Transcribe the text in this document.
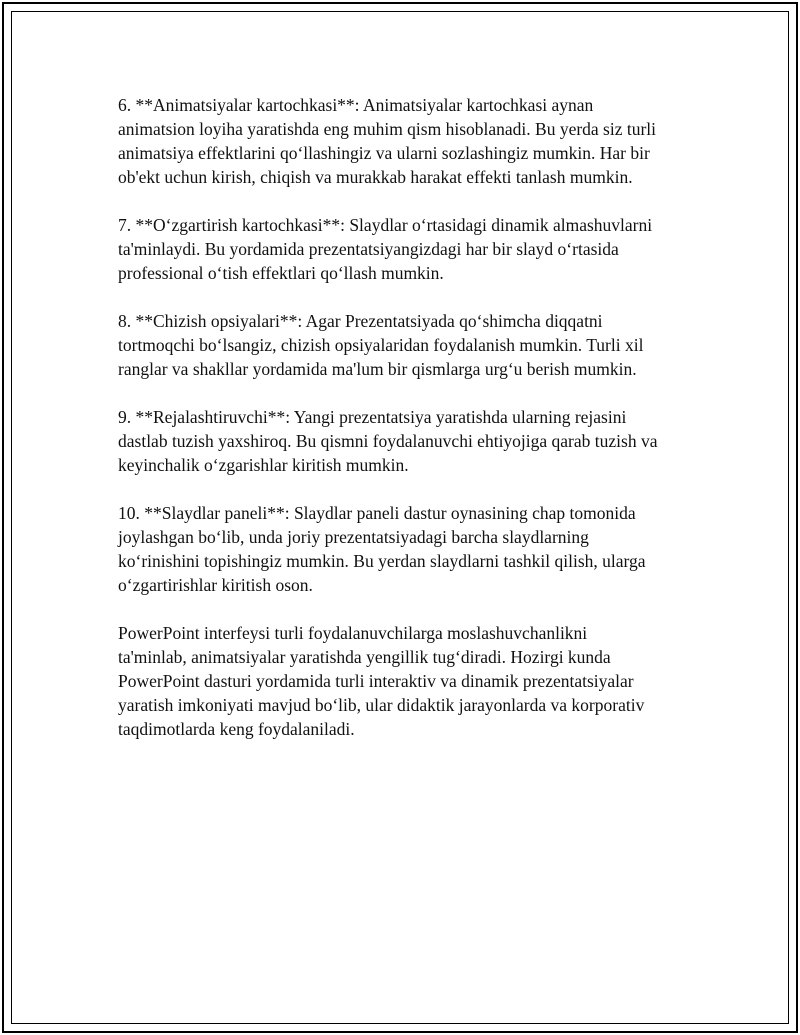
6. **Animatsiyalar kartochkasi**: Animatsiyalar kartochkasi aynan
animatsion loyiha yaratishda eng muhim qism hisoblanadi. Bu yerda siz turli
animatsiya effektlarini qo‘llashingiz va ularni sozlashingiz mumkin. Har bir
ob'ekt uchun kirish, chiqish va murakkab harakat effekti tanlash mumkin.

7. **O‘zgartirish kartochkasi**: Slaydlar o‘rtasidagi dinamik almashuvlarni
ta'minlaydi. Bu yordamida prezentatsiyangizdagi har bir slayd o‘rtasida
professional o‘tish effektlari qo‘llash mumkin.

8. **Chizish opsiyalari**: Agar Prezentatsiyada qo‘shimcha diqqatni
tortmoqchi bo‘lsangiz, chizish opsiyalaridan foydalanish mumkin. Turli xil
ranglar va shakllar yordamida ma'lum bir qismlarga urg‘u berish mumkin.

9. **Rejalashtiruvchi**: Yangi prezentatsiya yaratishda ularning rejasini
dastlab tuzish yaxshiroq. Bu qismni foydalanuvchi ehtiyojiga qarab tuzish va
keyinchalik o‘zgarishlar kiritish mumkin.

10. **Slaydlar paneli**: Slaydlar paneli dastur oynasining chap tomonida
joylashgan bo‘lib, unda joriy prezentatsiyadagi barcha slaydlarning
ko‘rinishini topishingiz mumkin. Bu yerdan slaydlarni tashkil qilish, ularga
o‘zgartirishlar kiritish oson.

PowerPoint interfeysi turli foydalanuvchilarga moslashuvchanlikni
ta'minlab, animatsiyalar yaratishda yengillik tug‘diradi. Hozirgi kunda
PowerPoint dasturi yordamida turli interaktiv va dinamik prezentatsiyalar
yaratish imkoniyati mavjud bo‘lib, ular didaktik jarayonlarda va korporativ
taqdimotlarda keng foydalaniladi.
